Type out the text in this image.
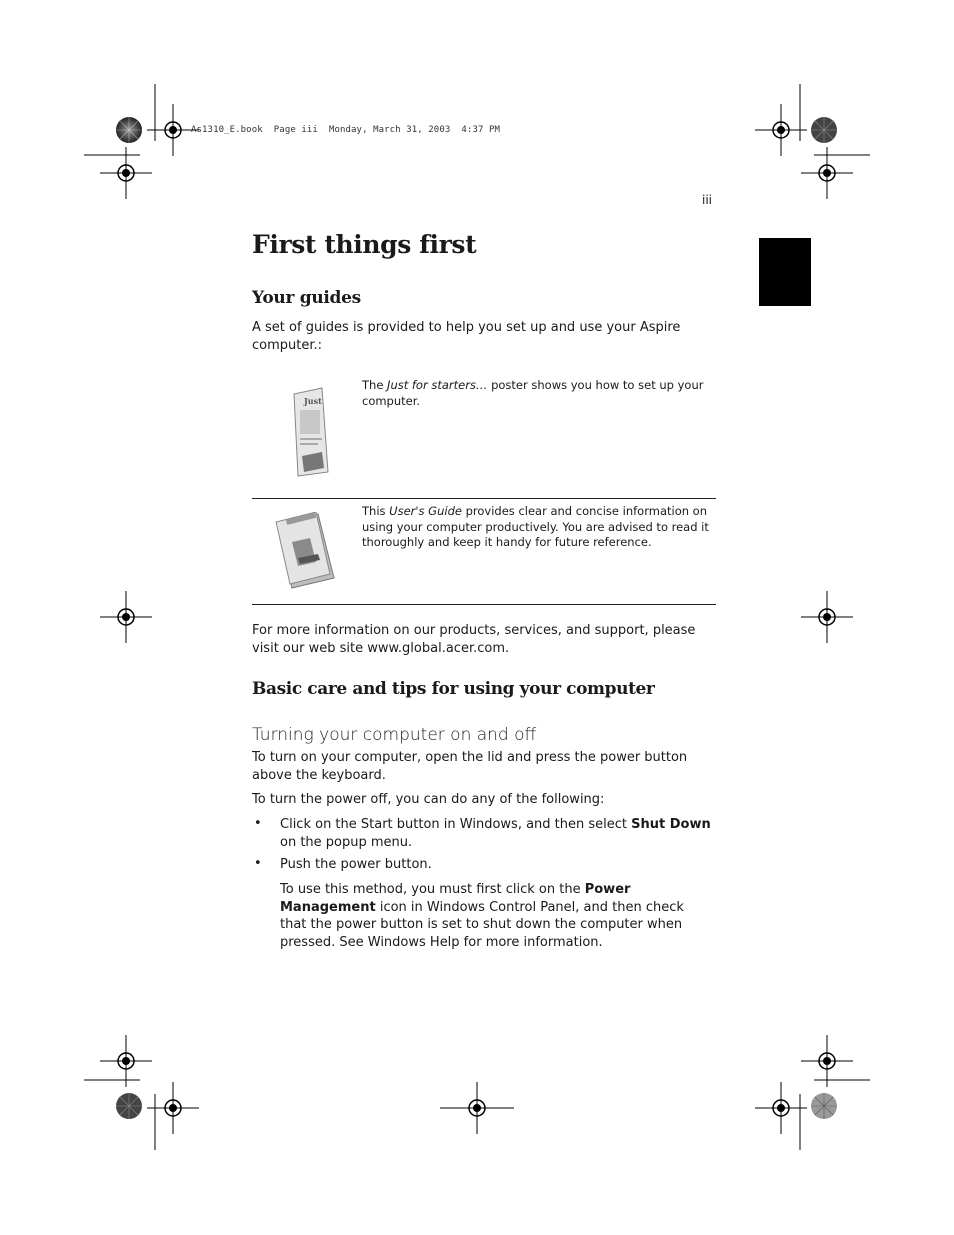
As1310_E.book  Page iii  Monday, March 31, 2003  4:37 PM
iii
First things first
Your guides
A set of guides is provided to help you set up and use your Aspire computer.:
Just
The Just for starters… poster shows you how to set up your computer.
This User's Guide provides clear and concise information on using your computer productively. You are advised to read it thoroughly and keep it handy for future reference.
For more information on our products, services, and support, please visit our web site www.global.acer.com.
Basic care and tips for using your computer
Turning your computer on and off
To turn on your computer, open the lid and press the power button above the keyboard.
To turn the power off, you can do any of the following:
• Click on the Start button in Windows, and then select Shut Down on the popup menu.
• Push the power button.
To use this method, you must first click on the Power Management icon in Windows Control Panel, and then check that the power button is set to shut down the computer when pressed. See Windows Help for more information.
